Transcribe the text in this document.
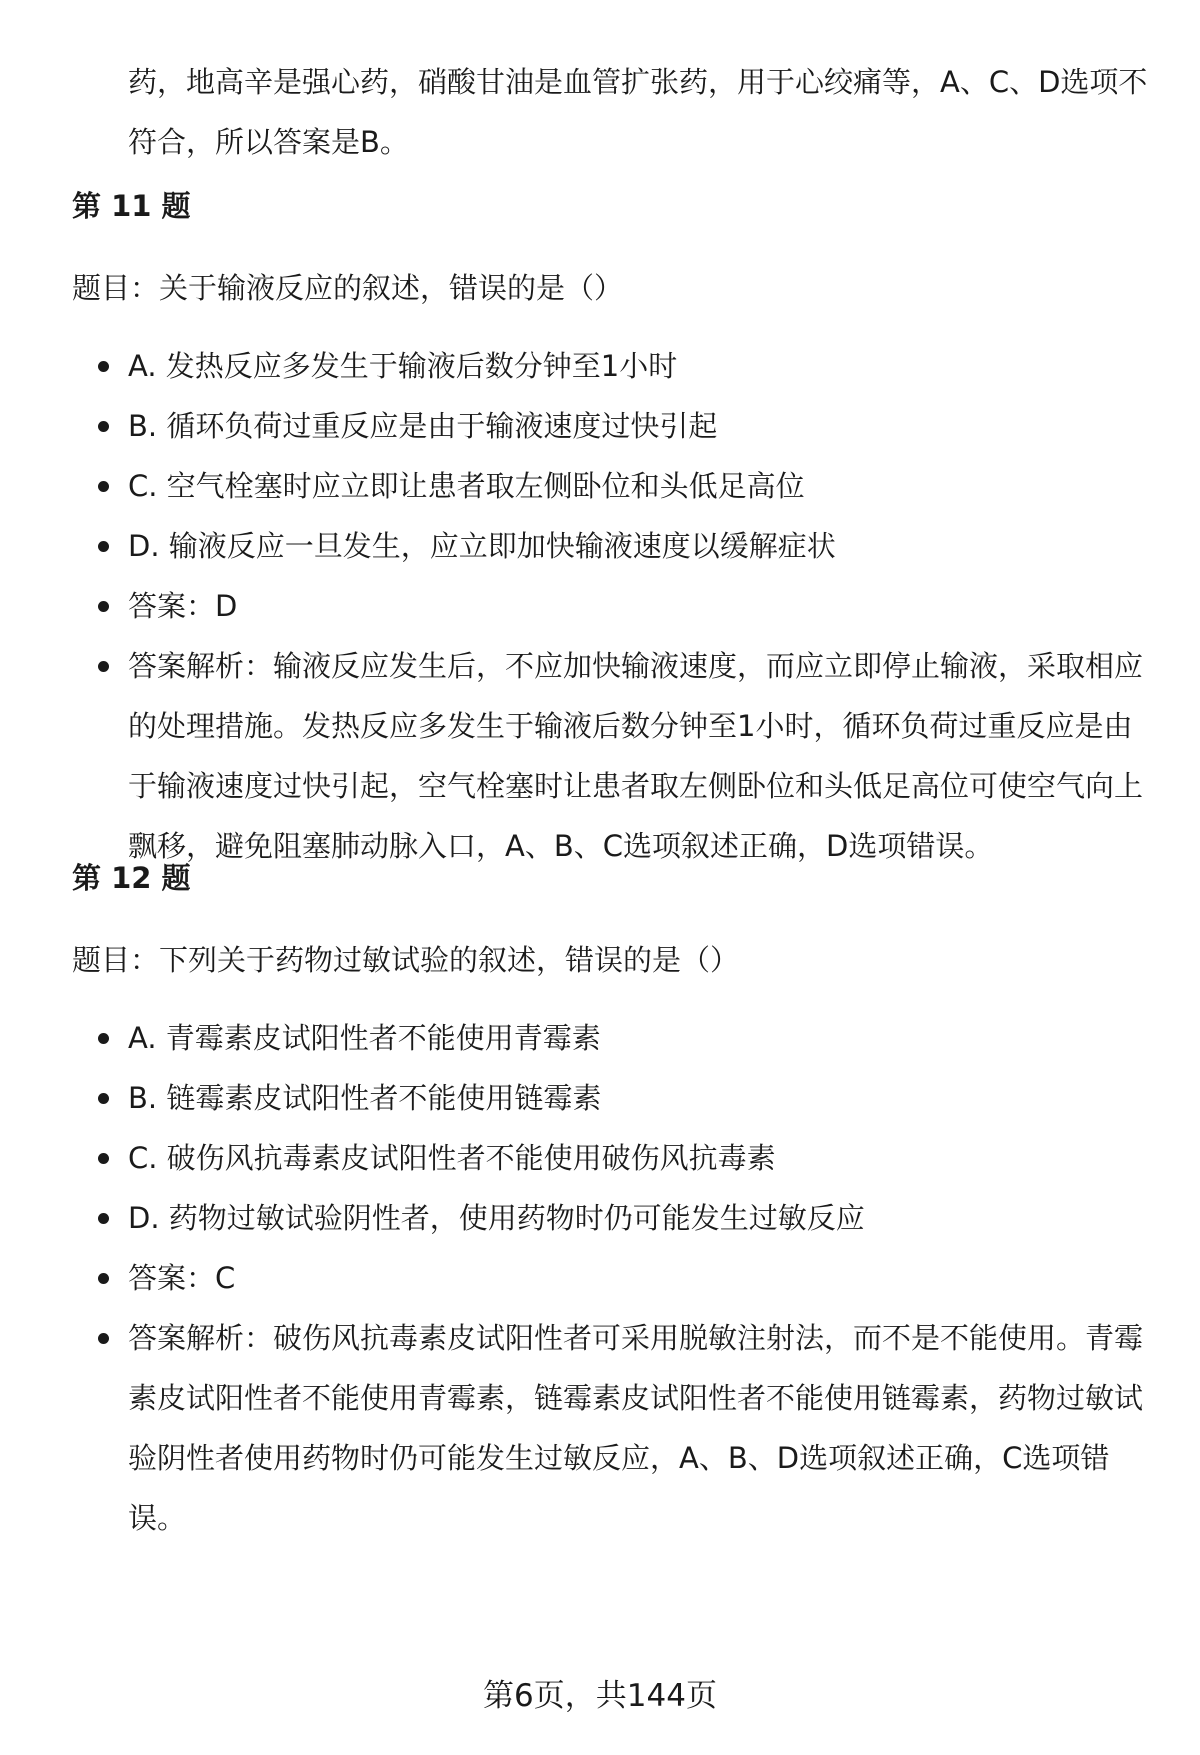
药，地高辛是强心药，硝酸甘油是血管扩张药，用于心绞痛等，A、C、D选项不符合，所以答案是B。

第 11 题

题目：关于输液反应的叙述，错误的是（）

A. 发热反应多发生于输液后数分钟至1小时
B. 循环负荷过重反应是由于输液速度过快引起
C. 空气栓塞时应立即让患者取左侧卧位和头低足高位
D. 输液反应一旦发生，应立即加快输液速度以缓解症状
答案：D
答案解析：输液反应发生后，不应加快输液速度，而应立即停止输液，采取相应的处理措施。发热反应多发生于输液后数分钟至1小时，循环负荷过重反应是由于输液速度过快引起，空气栓塞时让患者取左侧卧位和头低足高位可使空气向上飘移，避免阻塞肺动脉入口，A、B、C选项叙述正确，D选项错误。
第 12 题

题目：下列关于药物过敏试验的叙述，错误的是（）

A. 青霉素皮试阳性者不能使用青霉素
B. 链霉素皮试阳性者不能使用链霉素
C. 破伤风抗毒素皮试阳性者不能使用破伤风抗毒素
D. 药物过敏试验阴性者，使用药物时仍可能发生过敏反应
答案：C
答案解析：破伤风抗毒素皮试阳性者可采用脱敏注射法，而不是不能使用。青霉素皮试阳性者不能使用青霉素，链霉素皮试阳性者不能使用链霉素，药物过敏试验阴性者使用药物时仍可能发生过敏反应，A、B、D选项叙述正确，C选项错误。
第6页，共144页
